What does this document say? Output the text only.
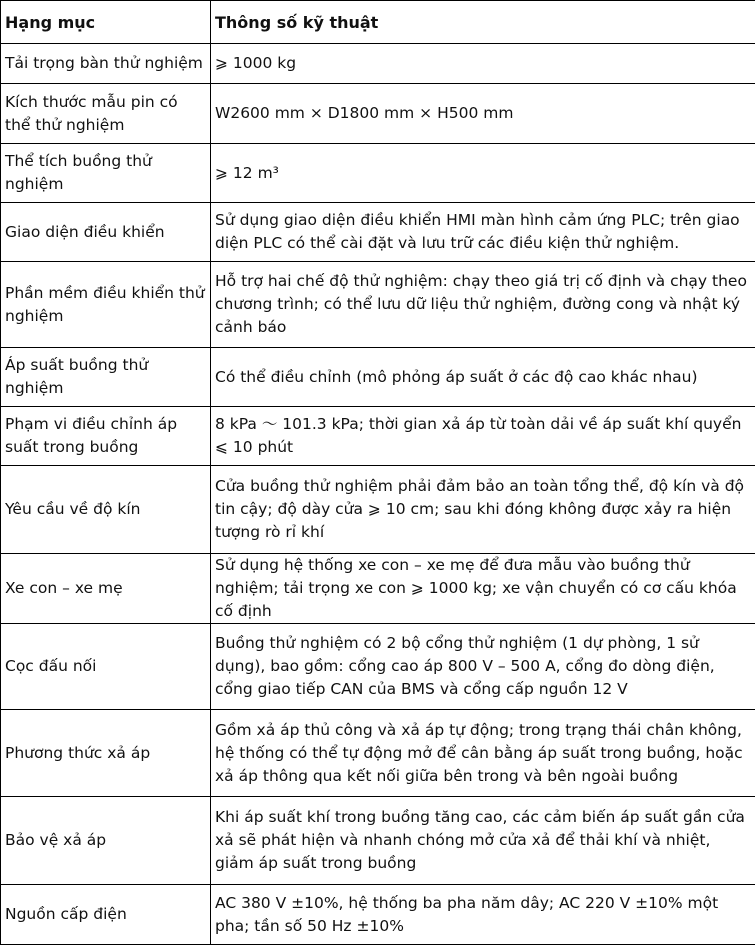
Hạng mục	Thông số kỹ thuật
Tải trọng bàn thử nghiệm	⩾ 1000 kg
Kích thước mẫu pin có thể thử nghiệm	W2600 mm × D1800 mm × H500 mm
Thể tích buồng thử nghiệm	⩾ 12 m³
Giao diện điều khiển	Sử dụng giao diện điều khiển HMI màn hình cảm ứng PLC; trên giao diện PLC có thể cài đặt và lưu trữ các điều kiện thử nghiệm.
Phần mềm điều khiển thử nghiệm	Hỗ trợ hai chế độ thử nghiệm: chạy theo giá trị cố định và chạy theo chương trình; có thể lưu dữ liệu thử nghiệm, đường cong và nhật ký cảnh báo
Áp suất buồng thử nghiệm	Có thể điều chỉnh (mô phỏng áp suất ở các độ cao khác nhau)
Phạm vi điều chỉnh áp suất trong buồng	8 kPa ～ 101.3 kPa; thời gian xả áp từ toàn dải về áp suất khí quyển ⩽ 10 phút
Yêu cầu về độ kín	Cửa buồng thử nghiệm phải đảm bảo an toàn tổng thể, độ kín và độ tin cậy; độ dày cửa ⩾ 10 cm; sau khi đóng không được xảy ra hiện tượng rò rỉ khí
Xe con – xe mẹ	Sử dụng hệ thống xe con – xe mẹ để đưa mẫu vào buồng thử nghiệm; tải trọng xe con ⩾ 1000 kg; xe vận chuyển có cơ cấu khóa cố định
Cọc đấu nối	Buồng thử nghiệm có 2 bộ cổng thử nghiệm (1 dự phòng, 1 sử dụng), bao gồm: cổng cao áp 800 V – 500 A, cổng đo dòng điện, cổng giao tiếp CAN của BMS và cổng cấp nguồn 12 V
Phương thức xả áp	Gồm xả áp thủ công và xả áp tự động; trong trạng thái chân không, hệ thống có thể tự động mở để cân bằng áp suất trong buồng, hoặc xả áp thông qua kết nối giữa bên trong và bên ngoài buồng
Bảo vệ xả áp	Khi áp suất khí trong buồng tăng cao, các cảm biến áp suất gần cửa xả sẽ phát hiện và nhanh chóng mở cửa xả để thải khí và nhiệt, giảm áp suất trong buồng
Nguồn cấp điện	AC 380 V ±10%, hệ thống ba pha năm dây; AC 220 V ±10% một pha; tần số 50 Hz ±10%
